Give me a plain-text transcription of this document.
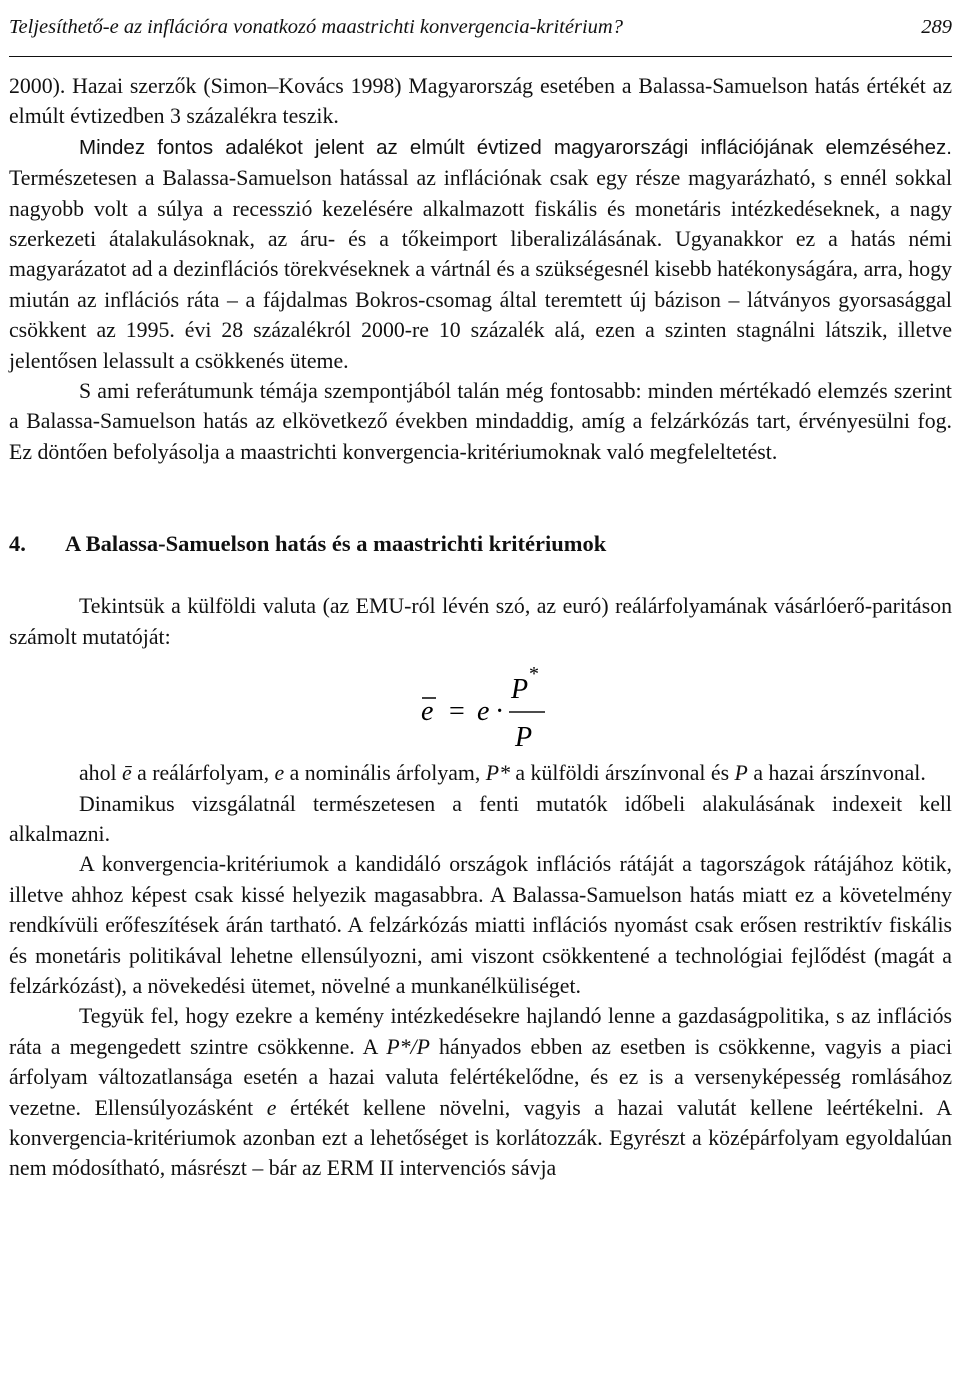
Teljesíthető-e az inflációra vonatkozó maastrichti konvergencia-kritérium?	289

2000). Hazai szerzők (Simon–Kovács 1998) Magyarország esetében a Balassa-Samuelson hatás értékét az elmúlt évtizedben 3 százalékra teszik.
Mindez fontos adalékot jelent az elmúlt évtized magyarországi inflációjának elemzéséhez. Természetesen a Balassa-Samuelson hatással az inflációnak csak egy része magyarázható, s ennél sokkal nagyobb volt a súlya a recesszió kezelésére alkalmazott fiskális és monetáris intézkedéseknek, a nagy szerkezeti átalakulásoknak, az áru- és a tőkeimport liberalizálásának. Ugyanakkor ez a hatás némi magyarázatot ad a dezinflációs törekvéseknek a vártnál és a szükségesnél kisebb hatékonyságára, arra, hogy miután az inflációs ráta – a fájdalmas Bokros-csomag által teremtett új bázison – látványos gyorsasággal csökkent az 1995. évi 28 százalékról 2000-re 10 százalék alá, ezen a szinten stagnálni látszik, illetve jelentősen lelassult a csökkenés üteme.

S ami referátumunk témája szempontjából talán még fontosabb: minden mértékadó elemzés szerint a Balassa-Samuelson hatás az elkövetkező években mindaddig, amíg a felzárkózás tart, érvényesülni fog. Ez döntően befolyásolja a maastrichti konvergencia-kritériumoknak való megfeleltetést.

4.	A Balassa-Samuelson hatás és a maastrichti kritériumok

Tekintsük a külföldi valuta (az EMU-ról lévén szó, az euró) reálárfolyamának vásárlóerő-paritáson számolt mutatóját:

e = e ·
P *
P

ahol ē a reálárfolyam, e a nominális árfolyam, P* a külföldi árszínvonal és P a hazai árszínvonal.

Dinamikus vizsgálatnál természetesen a fenti mutatók időbeli alakulásának indexeit kell alkalmazni.

A konvergencia-kritériumok a kandidáló országok inflációs rátáját a tagországok rátájához kötik, illetve ahhoz képest csak kissé helyezik magasabbra. A Balassa-Samuelson hatás miatt ez a követelmény rendkívüli erőfeszítések árán tartható. A felzárkózás miatti inflációs nyomást csak erősen restriktív fiskális és monetáris politikával lehetne ellensúlyozni, ami viszont csökkentené a technológiai fejlődést (magát a felzárkózást), a növekedési ütemet, növelné a munkanélküliséget.

Tegyük fel, hogy ezekre a kemény intézkedésekre hajlandó lenne a gazdaságpolitika, s az inflációs ráta a megengedett szintre csökkenne. A P*/P hányados ebben az esetben is csökkenne, vagyis a piaci árfolyam változatlansága esetén a hazai valuta felértékelődne, és ez is a versenyképesség romlásához vezetne. Ellensúlyozásként e értékét kellene növelni, vagyis a hazai valutát kellene leértékelni. A konvergencia-kritériumok azonban ezt a lehetőséget is korlátozzák. Egyrészt a középárfolyam egyoldalúan nem módosítható, másrészt – bár az ERM II intervenciós sávja
